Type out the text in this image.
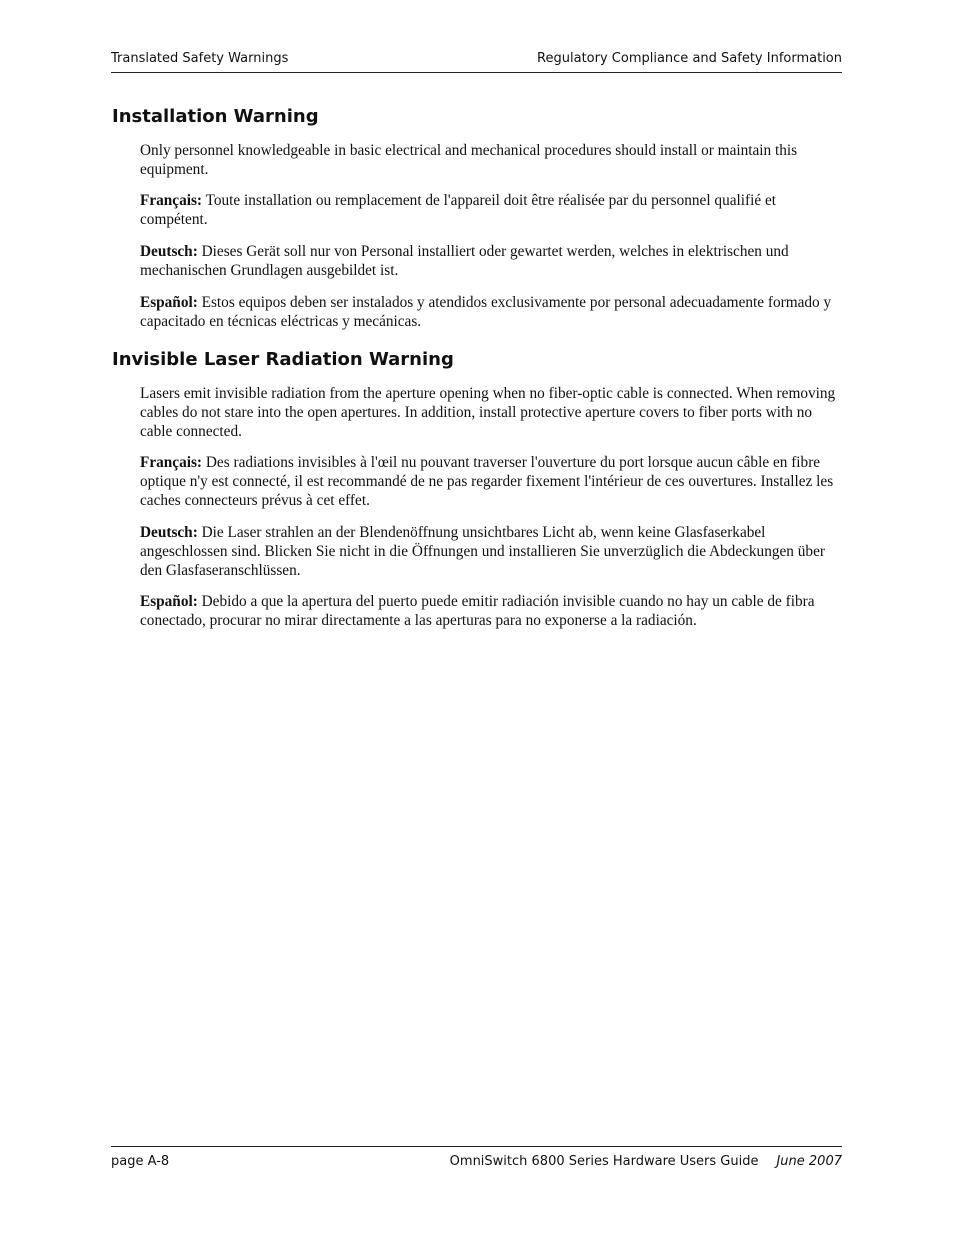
Translated Safety Warnings	Regulatory Compliance and Safety Information
Installation Warning

Only personnel knowledgeable in basic electrical and mechanical procedures should install or maintain this equipment.

Français: Toute installation ou remplacement de l'appareil doit être réalisée par du personnel qualifié et compétent.

Deutsch: Dieses Gerät soll nur von Personal installiert oder gewartet werden, welches in elektrischen und mechanischen Grundlagen ausgebildet ist.

Español: Estos equipos deben ser instalados y atendidos exclusivamente por personal adecuadamente formado y capacitado en técnicas eléctricas y mecánicas.

Invisible Laser Radiation Warning

Lasers emit invisible radiation from the aperture opening when no fiber-optic cable is connected. When removing cables do not stare into the open apertures. In addition, install protective aperture covers to fiber ports with no cable connected.

Français: Des radiations invisibles à l'œil nu pouvant traverser l'ouverture du port lorsque aucun câble en fibre optique n'y est connecté, il est recommandé de ne pas regarder fixement l'intérieur de ces ouvertures. Installez les caches connecteurs prévus à cet effet.

Deutsch: Die Laser strahlen an der Blendenöffnung unsichtbares Licht ab, wenn keine Glasfaserkabel angeschlossen sind. Blicken Sie nicht in die Öffnungen und installieren Sie unverzüglich die Abdeckungen über den Glasfaseranschlüssen.

Español: Debido a que la apertura del puerto puede emitir radiación invisible cuando no hay un cable de fibra conectado, procurar no mirar directamente a las aperturas para no exponerse a la radiación.

page A-8	OmniSwitch 6800 Series Hardware Users Guide June 2007
